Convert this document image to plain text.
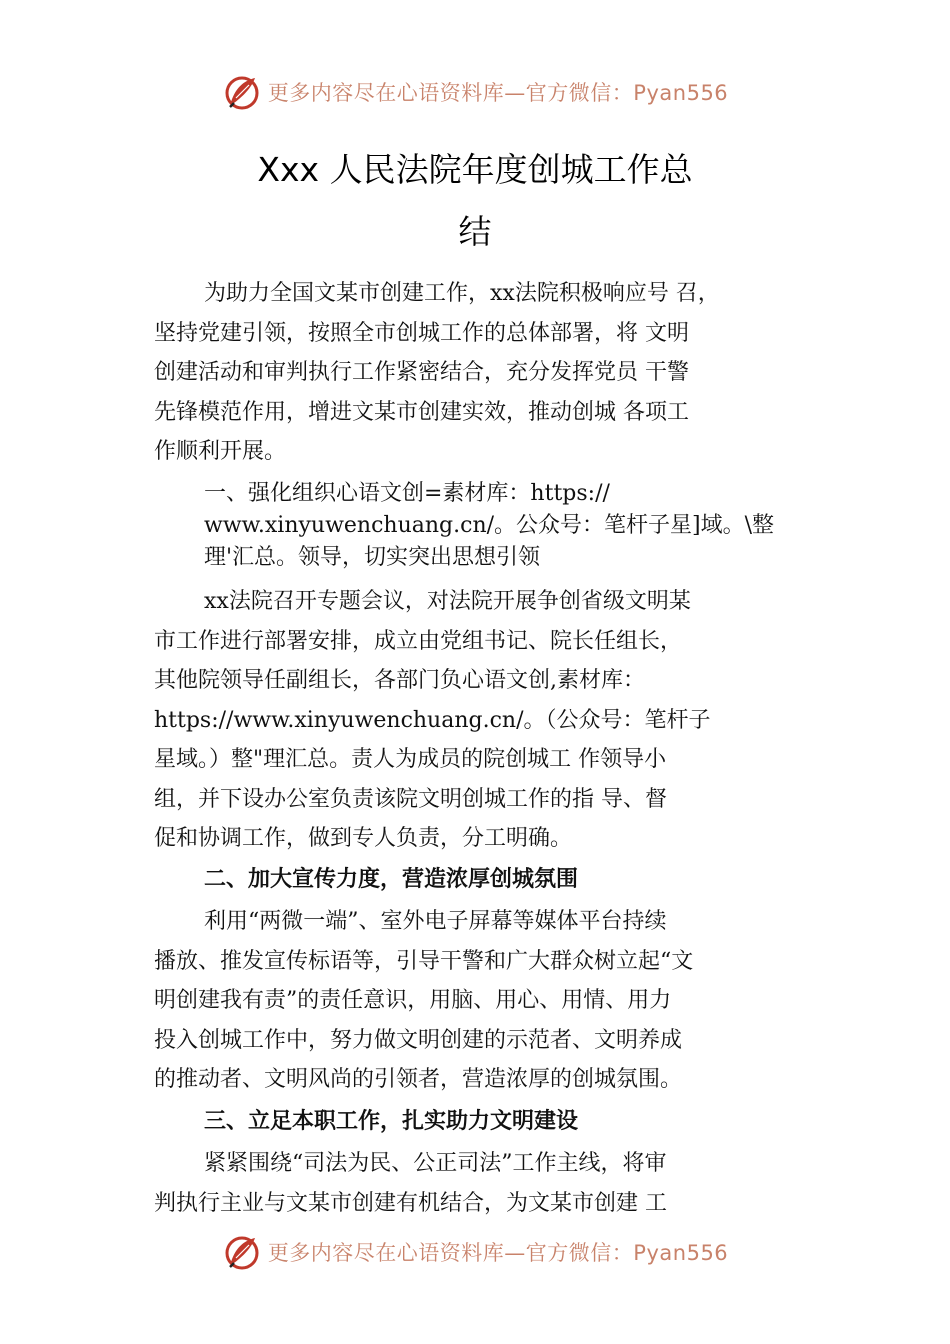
更多内容尽在心语资料库—官方微信：Pyan556
Xxx 人民法院年度创城工作总
结

为助力全国文某市创建工作，xx法院积极响应号 召，
坚持党建引领，按照全市创城工作的总体部署，将 文明
创建活动和审判执行工作紧密结合，充分发挥党员 干警
先锋模范作用，增进文某市创建实效，推动创城 各项工
作顺利开展。

一、强化组织心语文创=素材库：https://
www.xinyuwenchuang.cn/。公众号：笔杆子星]域。\整
理'汇总。领导，切实突出思想引领

xx法院召开专题会议，对法院开展争创省级文明某
市工作进行部署安排，成立由党组书记、院长任组长，
其他院领导任副组长，各部门负心语文创,素材库：
https://www.xinyuwenchuang.cn/。（公众号：笔杆子
星域。）整"理汇总。责人为成员的院创城工 作领导小
组，并下设办公室负责该院文明创城工作的指 导、督
促和协调工作，做到专人负责，分工明确。

二、加大宣传力度，营造浓厚创城氛围

利用“两微一端”、室外电子屏幕等媒体平台持续
播放、推发宣传标语等，引导干警和广大群众树立起“文
明创建我有责”的责任意识，用脑、用心、用情、用力
投入创城工作中，努力做文明创建的示范者、文明养成
的推动者、文明风尚的引领者，营造浓厚的创城氛围。

三、立足本职工作，扎实助力文明建设

紧紧围绕“司法为民、公正司法”工作主线，将审
判执行主业与文某市创建有机结合，为文某市创建 工

更多内容尽在心语资料库—官方微信：Pyan556
